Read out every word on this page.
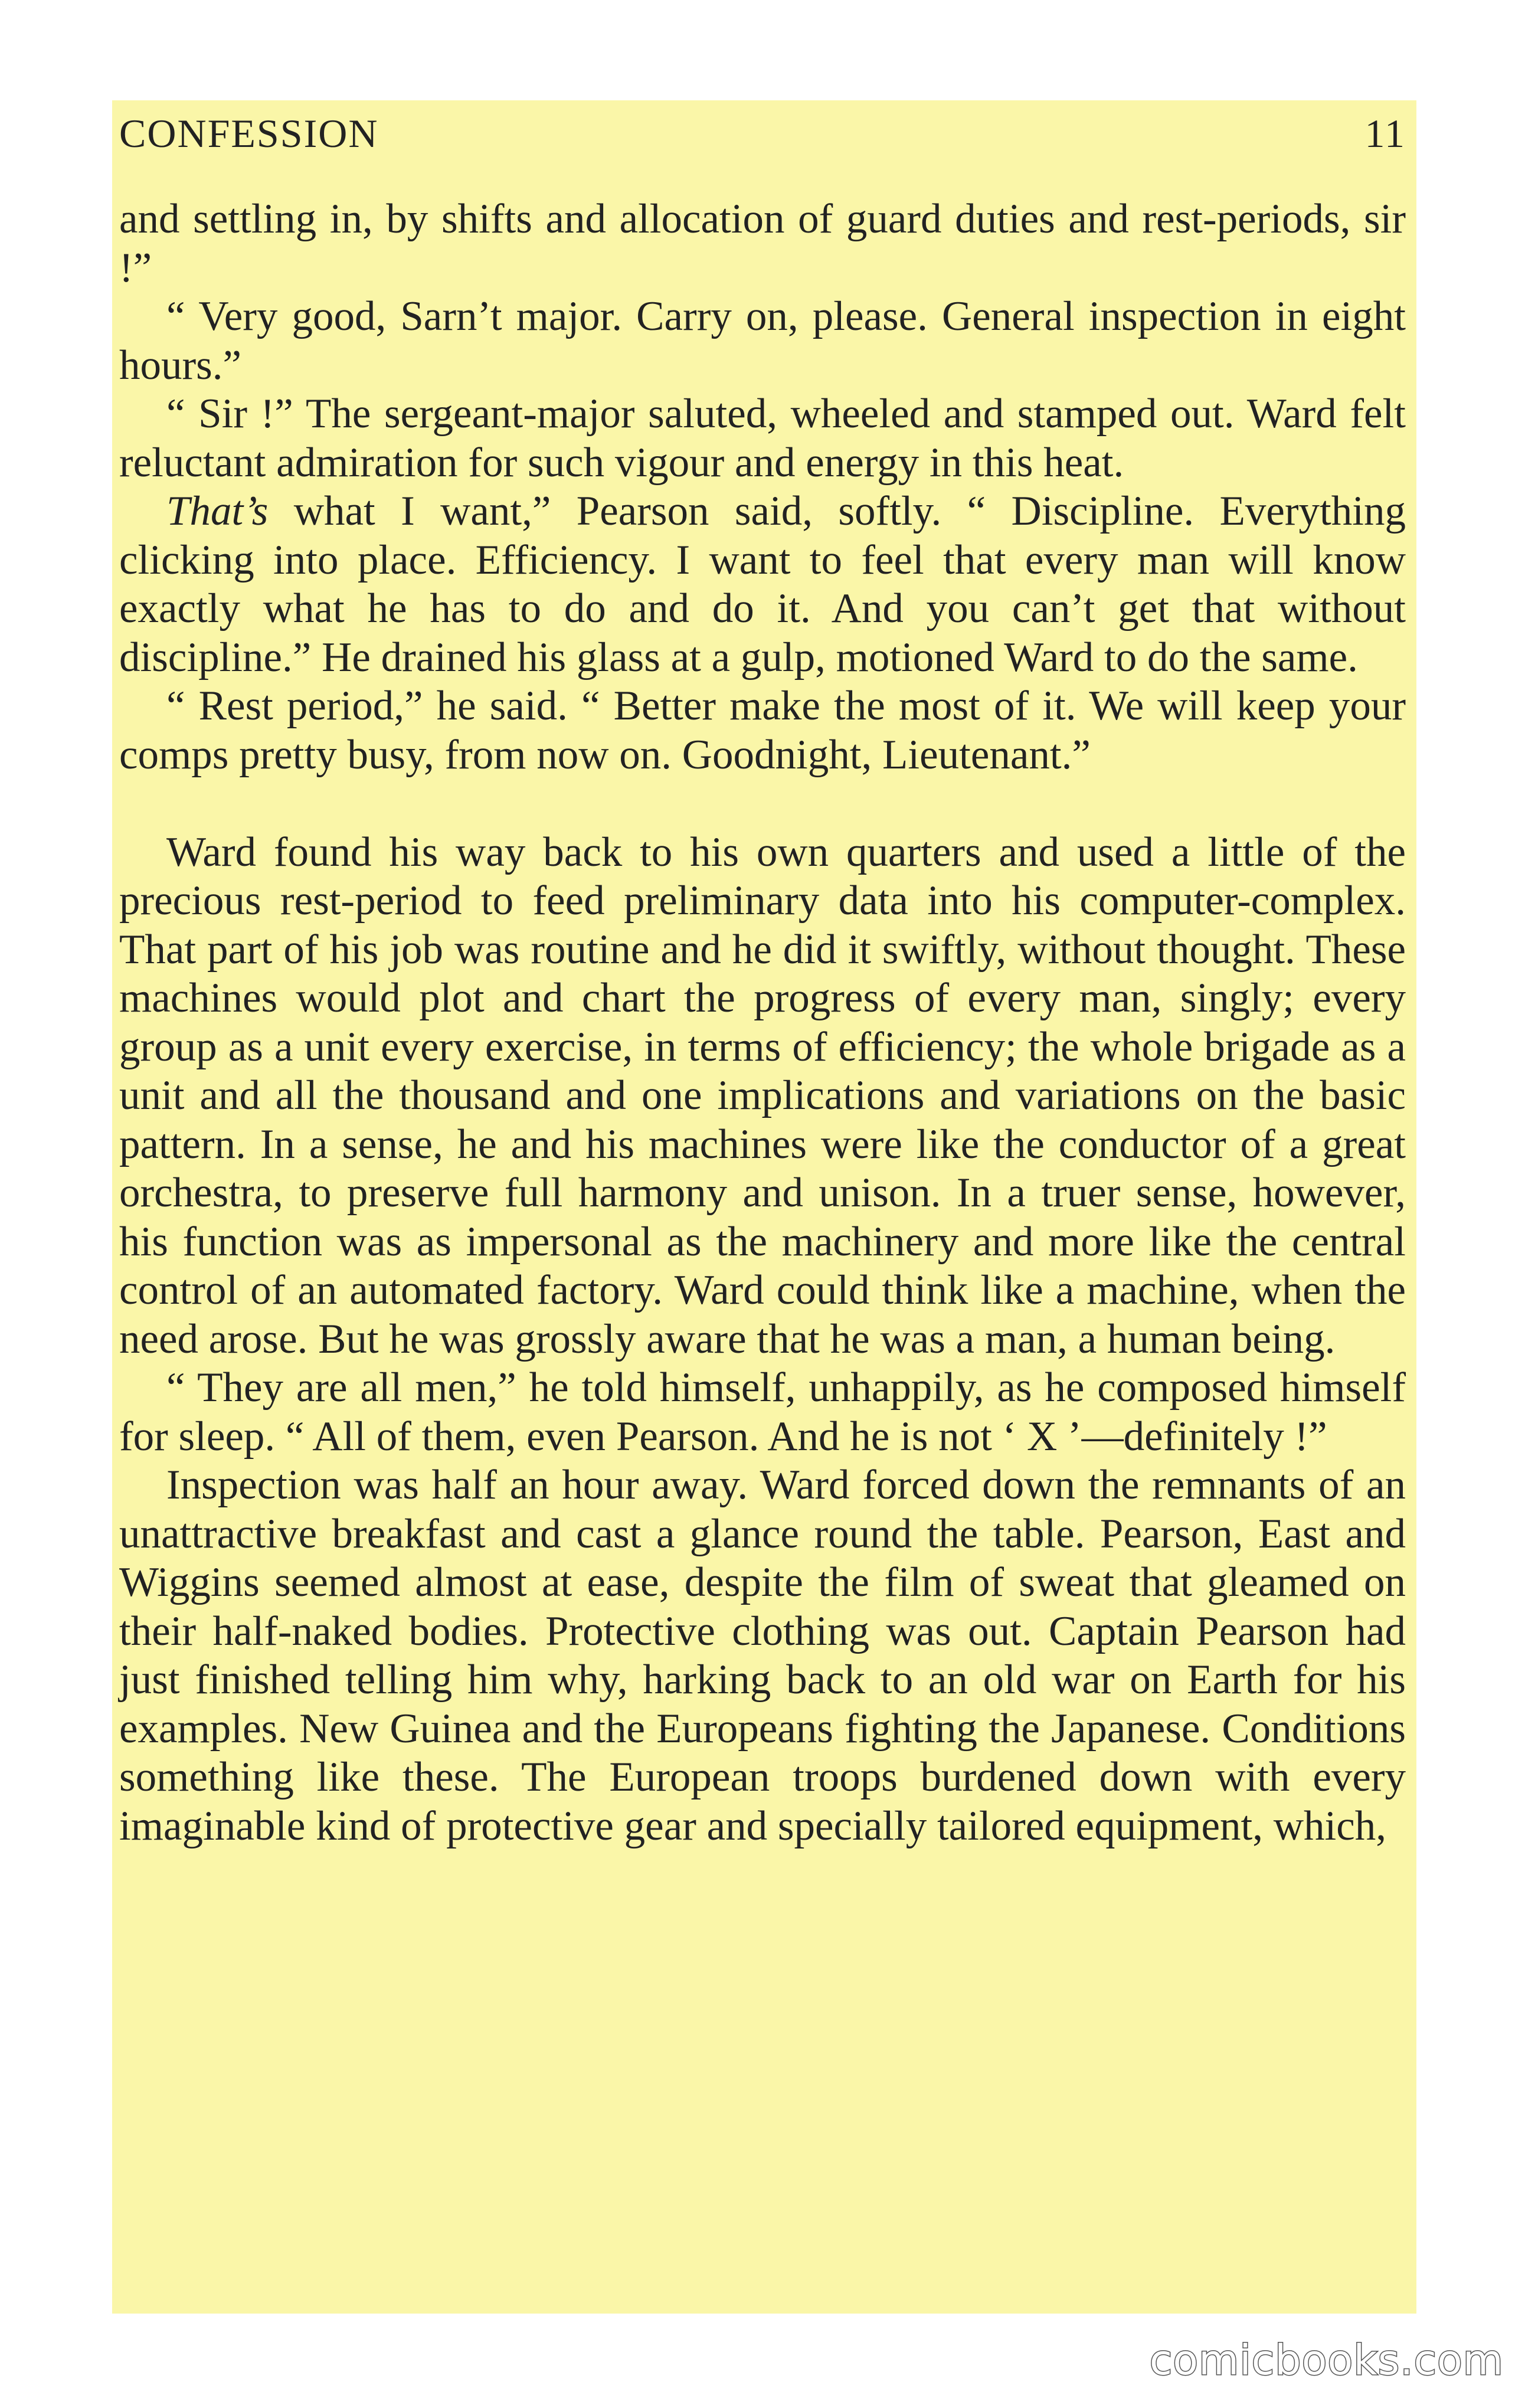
CONFESSION	11

and settling in, by shifts and allocation of guard duties and rest-periods, sir !”

“ Very good, Sarn’t major. Carry on, please. General inspection in eight hours.”

“ Sir !” The sergeant-major saluted, wheeled and stamped out. Ward felt reluctant admiration for such vigour and energy in this heat.

That’s what I want,” Pearson said, softly. “ Discipline. Everything clicking into place. Efficiency. I want to feel that every man will know exactly what he has to do and do it. And you can’t get that without discipline.” He drained his glass at a gulp, motioned Ward to do the same.

“ Rest period,” he said. “ Better make the most of it. We will keep your comps pretty busy, from now on. Goodnight, Lieutenant.”

Ward found his way back to his own quarters and used a little of the precious rest-period to feed preliminary data into his computer-complex. That part of his job was routine and he did it swiftly, without thought. These machines would plot and chart the progress of every man, singly; every group as a unit every exercise, in terms of efficiency; the whole brigade as a unit and all the thousand and one implications and variations on the basic pattern. In a sense, he and his machines were like the conductor of a great orchestra, to preserve full harmony and unison. In a truer sense, however, his function was as impersonal as the machinery and more like the central control of an automated factory. Ward could think like a machine, when the need arose. But he was grossly aware that he was a man, a human being.

“ They are all men,” he told himself, unhappily, as he composed himself for sleep. “ All of them, even Pearson. And he is not ‘ X ’—definitely !”

Inspection was half an hour away. Ward forced down the remnants of an unattractive breakfast and cast a glance round the table. Pearson, East and Wiggins seemed almost at ease, despite the film of sweat that gleamed on their half-naked bodies. Protective clothing was out. Captain Pearson had just finished telling him why, harking back to an old war on Earth for his examples. New Guinea and the Europeans fighting the Japanese. Conditions something like these. The European troops burdened down with every imaginable kind of protective gear and specially tailored equipment, which,

comicbooks.com
